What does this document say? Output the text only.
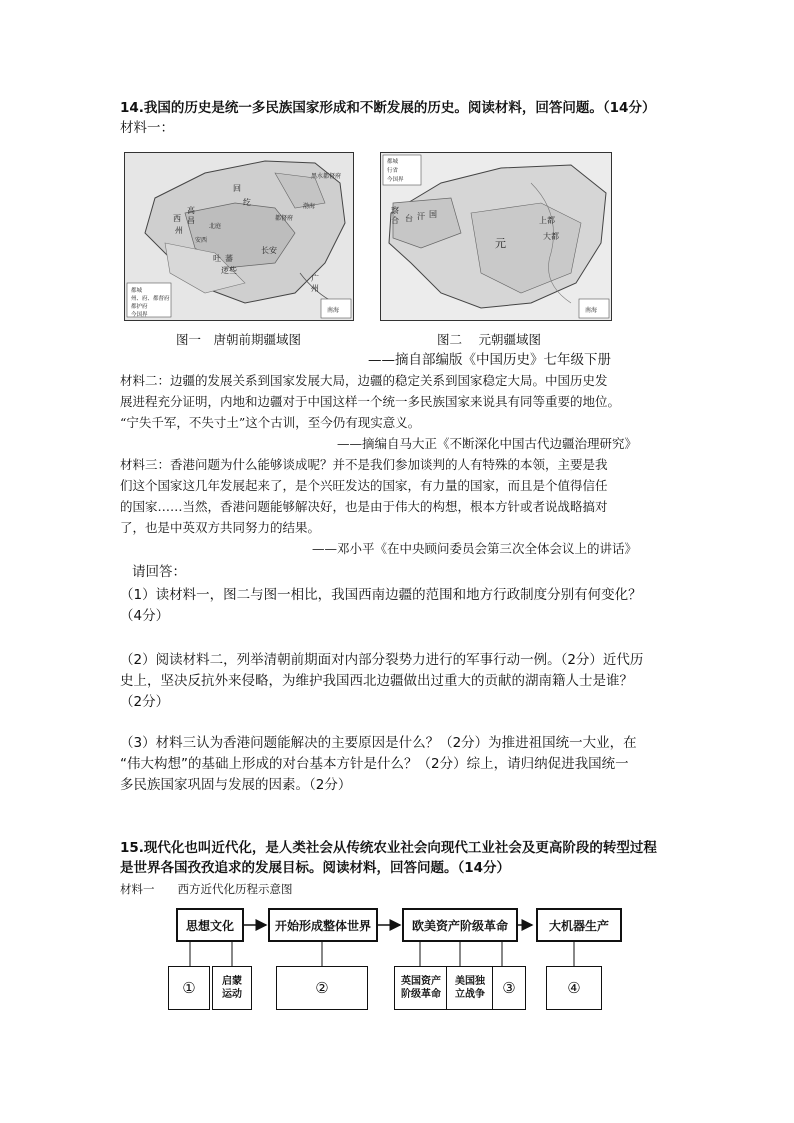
14.我国的历史是统一多民族国家形成和不断发展的历史。阅读材料，回答问题。（14分）
材料一：
回
纥
高
昌
西
州
长安
吐 蕃
逻些
广
州
都督府
安西
北庭
黑水都督府
渤海
都城
州、府、都督府
都护府
今国界
南海
察
合 台 汗 国
元
上都
大都
都城
行省
今国界
南海
图一　唐朝前期疆域图	图二　 元朝疆域图
——摘自部编版《中国历史》七年级下册
材料二：边疆的发展关系到国家发展大局，边疆的稳定关系到国家稳定大局。中国历史发
展进程充分证明，内地和边疆对于中国这样一个统一多民族国家来说具有同等重要的地位。
“宁失千军，不失寸土”这个古训，至今仍有现实意义。
——摘编自马大正《不断深化中国古代边疆治理研究》
材料三：香港问题为什么能够谈成呢？并不是我们参加谈判的人有特殊的本领，主要是我
们这个国家这几年发展起来了，是个兴旺发达的国家，有力量的国家，而且是个值得信任
的国家……当然，香港问题能够解决好，也是由于伟大的构想，根本方针或者说战略搞对
了，也是中英双方共同努力的结果。
——邓小平《在中央顾问委员会第三次全体会议上的讲话》
请回答：
（1）读材料一，图二与图一相比，我国西南边疆的范围和地方行政制度分别有何变化？
（4分）
（2）阅读材料二，列举清朝前期面对内部分裂势力进行的军事行动一例。（2分）近代历
史上，坚决反抗外来侵略，为维护我国西北边疆做出过重大的贡献的湖南籍人士是谁？
（2分）
（3）材料三认为香港问题能解决的主要原因是什么？（2分）为推进祖国统一大业，在
“伟大构想”的基础上形成的对台基本方针是什么？（2分）综上，请归纳促进我国统一
多民族国家巩固与发展的因素。（2分）
15.现代化也叫近代化，是人类社会从传统农业社会向现代工业社会及更高阶段的转型过程
是世界各国孜孜追求的发展目标。阅读材料，回答问题。（14分）
材料一　　西方近代化历程示意图
思想文化	开始形成整体世界	欧美资产阶级革命	大机器生产
①	启蒙
运动	②	英国资产
阶级革命
美国独
立战争 ③	④
